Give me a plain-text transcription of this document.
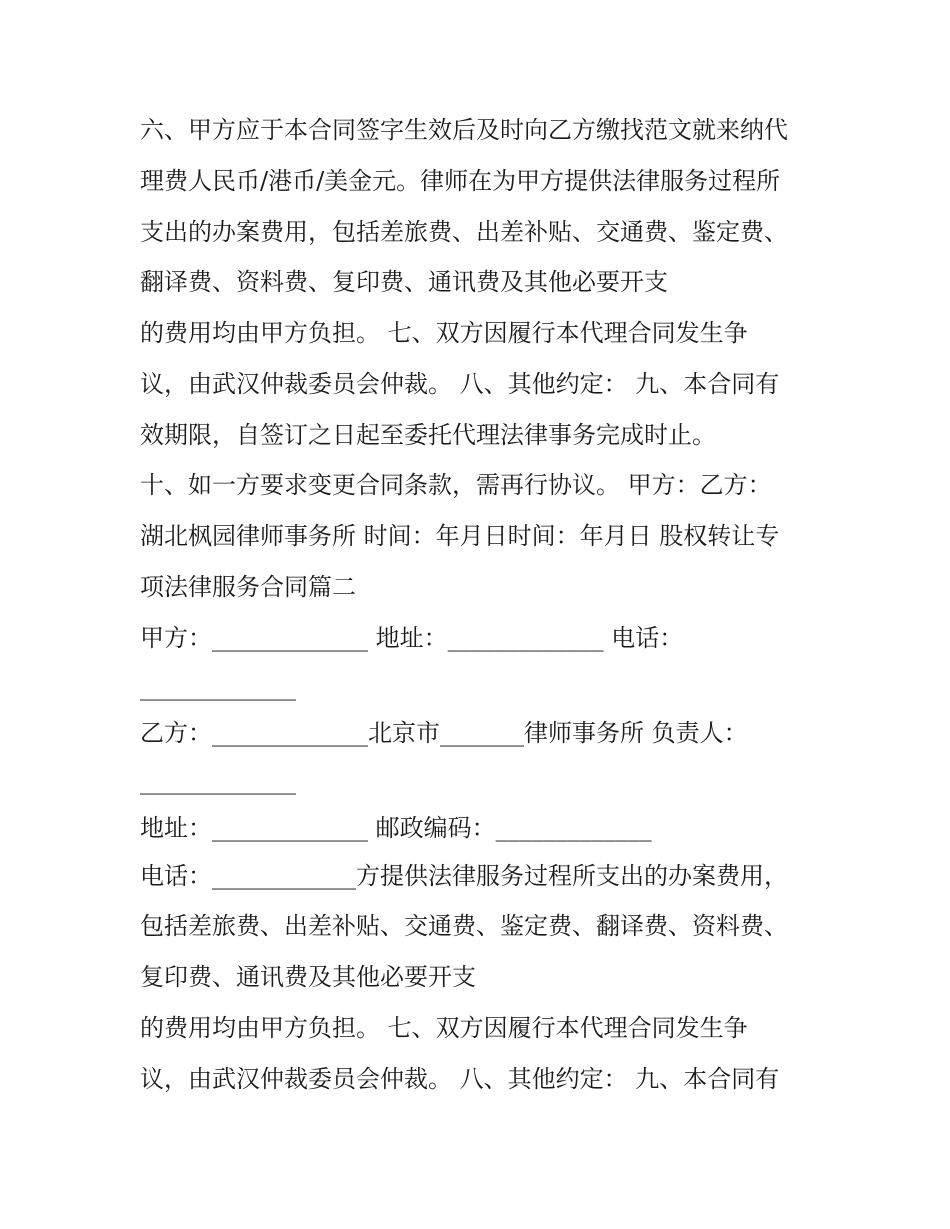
六、甲方应于本合同签字生效后及时向乙方缴找范文就来纳代
理费人民币/港币/美金元。律师在为甲方提供法律服务过程所
支出的办案费用，包括差旅费、出差补贴、交通费、鉴定费、
翻译费、资料费、复印费、通讯费及其他必要开支
的费用均由甲方负担。 七、双方因履行本代理合同发生争
议，由武汉仲裁委员会仲裁。 八、其他约定： 九、本合同有
效期限，自签订之日起至委托代理法律事务完成时止。
十、如一方要求变更合同条款，需再行协议。 甲方：乙方：
湖北枫园律师事务所 时间：年月日时间：年月日 股权转让专
项法律服务合同篇二
甲方：_____________ 地址：_____________ 电话：
_____________
乙方：_____________北京市_______律师事务所 负责人：
_____________
地址：_____________ 邮政编码：_____________
电话：____________方提供法律服务过程所支出的办案费用，
包括差旅费、出差补贴、交通费、鉴定费、翻译费、资料费、
复印费、通讯费及其他必要开支
的费用均由甲方负担。 七、双方因履行本代理合同发生争
议，由武汉仲裁委员会仲裁。 八、其他约定： 九、本合同有
